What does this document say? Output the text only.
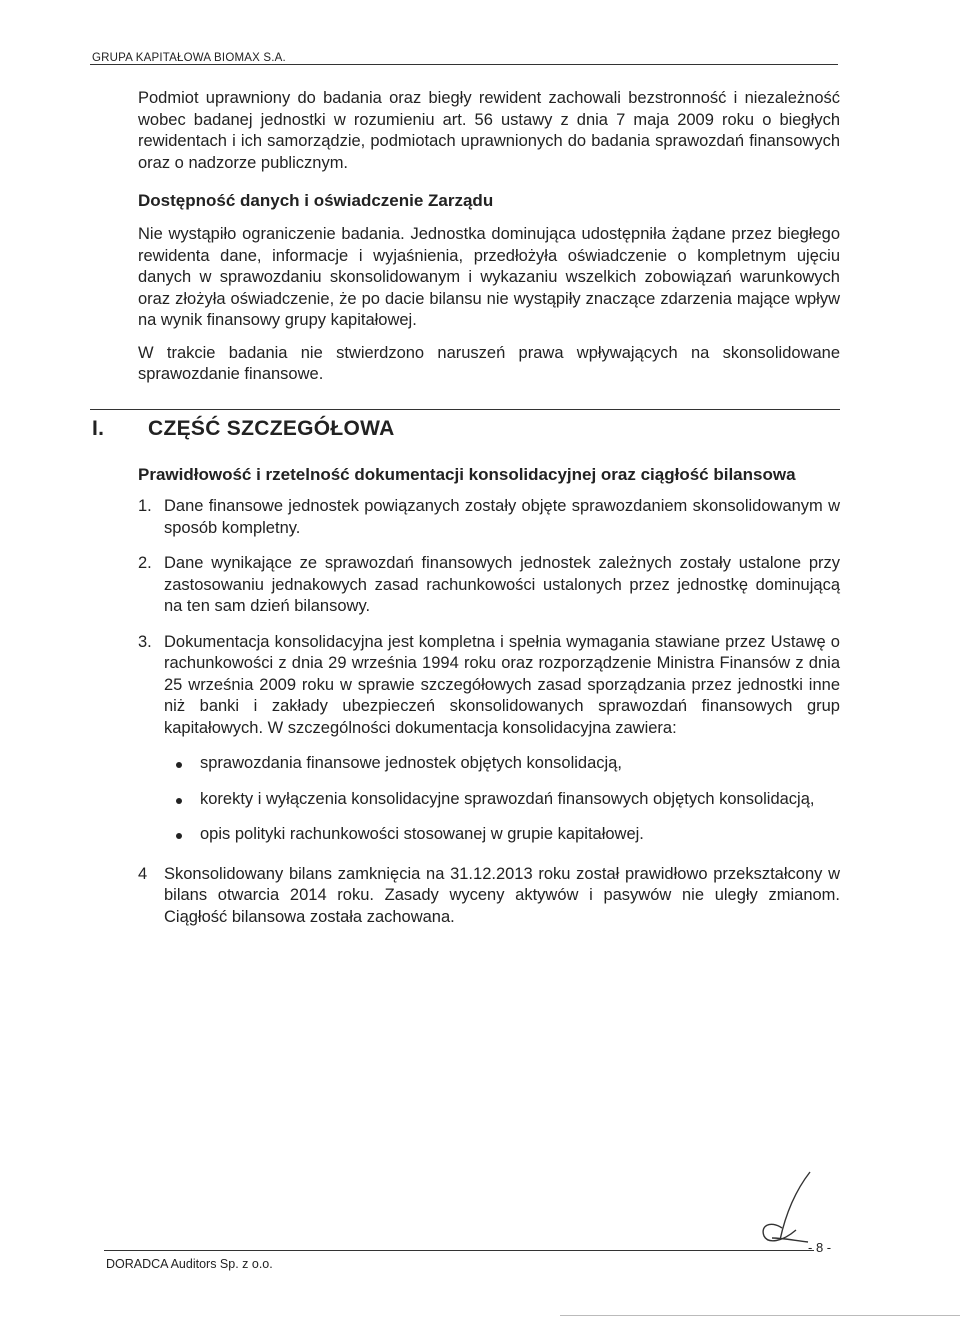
GRUPA KAPITAŁOWA BIOMAX S.A.

Podmiot uprawniony do badania oraz biegły rewident zachowali bezstronność i niezależność wobec badanej jednostki w rozumieniu art. 56 ustawy z dnia 7 maja 2009 roku o biegłych rewidentach i ich samorządzie, podmiotach uprawnionych do badania sprawozdań finansowych oraz o nadzorze publicznym.

Dostępność danych i oświadczenie Zarządu

Nie wystąpiło ograniczenie badania. Jednostka dominująca udostępniła żądane przez biegłego rewidenta dane, informacje i wyjaśnienia, przedłożyła oświadczenie o kompletnym ujęciu danych w sprawozdaniu skonsolidowanym i wykazaniu wszelkich zobowiązań warunkowych oraz złożyła oświadczenie, że po dacie bilansu nie wystąpiły znaczące zdarzenia mające wpływ na wynik finansowy grupy kapitałowej.

W trakcie badania nie stwierdzono naruszeń prawa wpływających na skonsolidowane sprawozdanie finansowe.

I. CZĘŚĆ SZCZEGÓŁOWA

Prawidłowość i rzetelność dokumentacji konsolidacyjnej oraz ciągłość bilansowa

1. Dane finansowe jednostek powiązanych zostały objęte sprawozdaniem skonsolidowanym w sposób kompletny.
2. Dane wynikające ze sprawozdań finansowych jednostek zależnych zostały ustalone przy zastosowaniu jednakowych zasad rachunkowości ustalonych przez jednostkę dominującą na ten sam dzień bilansowy.
3. Dokumentacja konsolidacyjna jest kompletna i spełnia wymagania stawiane przez Ustawę o rachunkowości z dnia 29 września 1994 roku oraz rozporządzenie Ministra Finansów z dnia 25 września 2009 roku w sprawie szczegółowych zasad sporządzania przez jednostki inne niż banki i zakłady ubezpieczeń skonsolidowanych sprawozdań finansowych grup kapitałowych. W szczególności dokumentacja konsolidacyjna zawiera:
sprawozdania finansowe jednostek objętych konsolidacją,
korekty i wyłączenia konsolidacyjne sprawozdań finansowych objętych konsolidacją,
opis polityki rachunkowości stosowanej w grupie kapitałowej.
4 Skonsolidowany bilans zamknięcia na 31.12.2013 roku został prawidłowo przekształcony w bilans otwarcia 2014 roku. Zasady wyceny aktywów i pasywów nie uległy zmianom. Ciągłość bilansowa została zachowana.
DORADCA Auditors Sp. z o.o.
- 8 -
